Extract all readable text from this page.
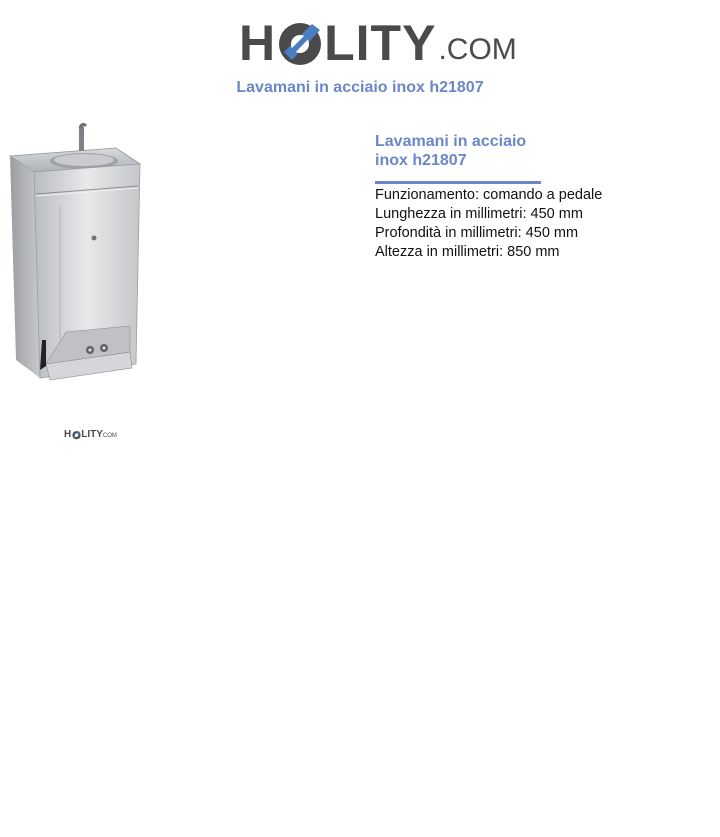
H LITY .COM
Lavamani in acciaio inox h21807
H LITY COM
Lavamani in acciaio
inox h21807
Funzionamento: comando a pedale
Lunghezza in millimetri: 450 mm
Profondità in millimetri: 450 mm
Altezza in millimetri: 850 mm
